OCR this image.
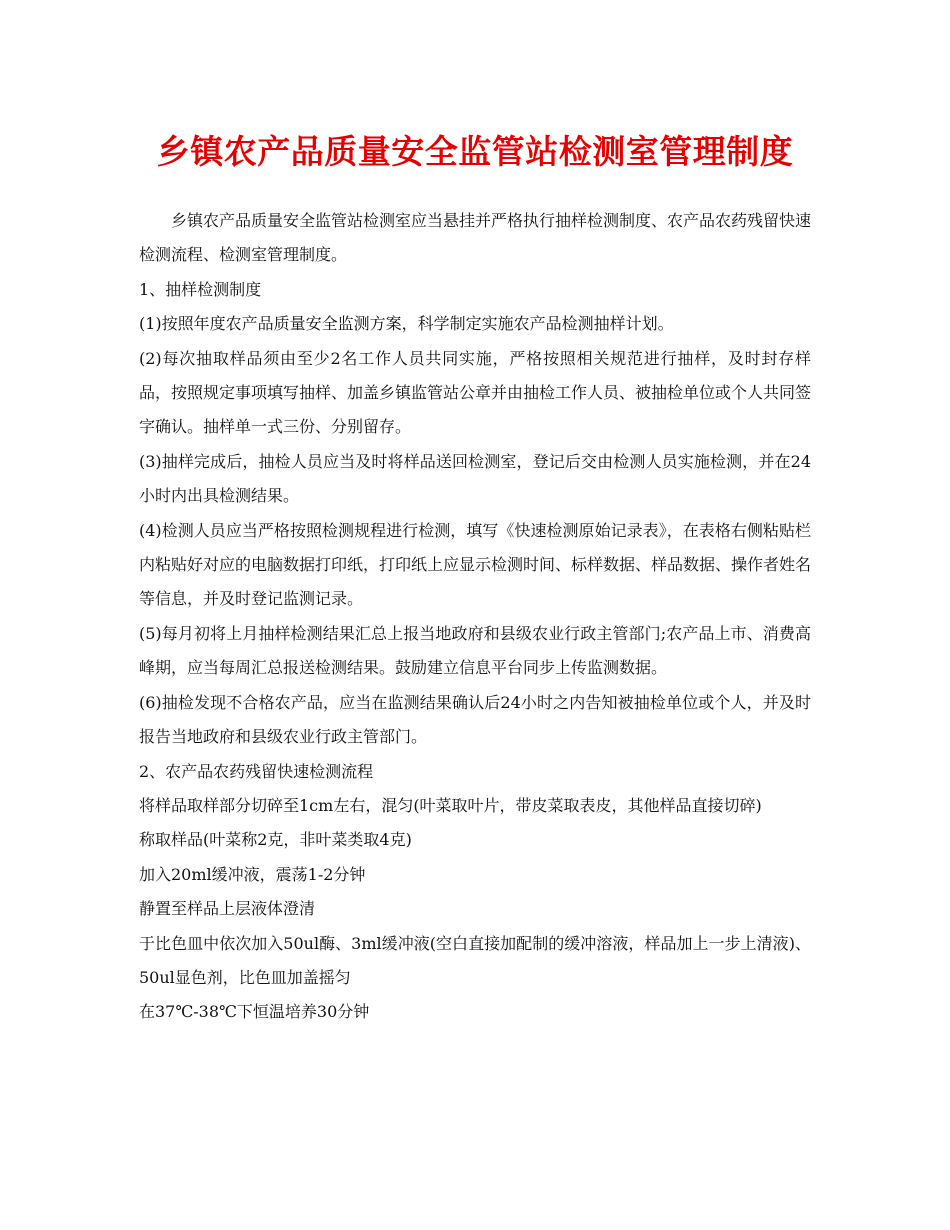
乡镇农产品质量安全监管站检测室管理制度

乡镇农产品质量安全监管站检测室应当悬挂并严格执行抽样检测制度、农产品农药残留快速检测流程、检测室管理制度。

1、抽样检测制度

(1)按照年度农产品质量安全监测方案，科学制定实施农产品检测抽样计划。

(2)每次抽取样品须由至少2名工作人员共同实施，严格按照相关规范进行抽样，及时封存样品，按照规定事项填写抽样、加盖乡镇监管站公章并由抽检工作人员、被抽检单位或个人共同签字确认。抽样单一式三份、分别留存。

(3)抽样完成后，抽检人员应当及时将样品送回检测室，登记后交由检测人员实施检测，并在24小时内出具检测结果。

(4)检测人员应当严格按照检测规程进行检测，填写《快速检测原始记录表》，在表格右侧粘贴栏内粘贴好对应的电脑数据打印纸，打印纸上应显示检测时间、标样数据、样品数据、操作者姓名等信息，并及时登记监测记录。

(5)每月初将上月抽样检测结果汇总上报当地政府和县级农业行政主管部门;农产品上市、消费高峰期，应当每周汇总报送检测结果。鼓励建立信息平台同步上传监测数据。

(6)抽检发现不合格农产品，应当在监测结果确认后24小时之内告知被抽检单位或个人，并及时报告当地政府和县级农业行政主管部门。

2、农产品农药残留快速检测流程

将样品取样部分切碎至1cm左右，混匀(叶菜取叶片，带皮菜取表皮，其他样品直接切碎)

称取样品(叶菜称2克，非叶菜类取4克)

加入20ml缓冲液，震荡1-2分钟

静置至样品上层液体澄清

于比色皿中依次加入50ul酶、3ml缓冲液(空白直接加配制的缓冲溶液，样品加上一步上清液)、50ul显色剂，比色皿加盖摇匀

在37℃-38℃下恒温培养30分钟
